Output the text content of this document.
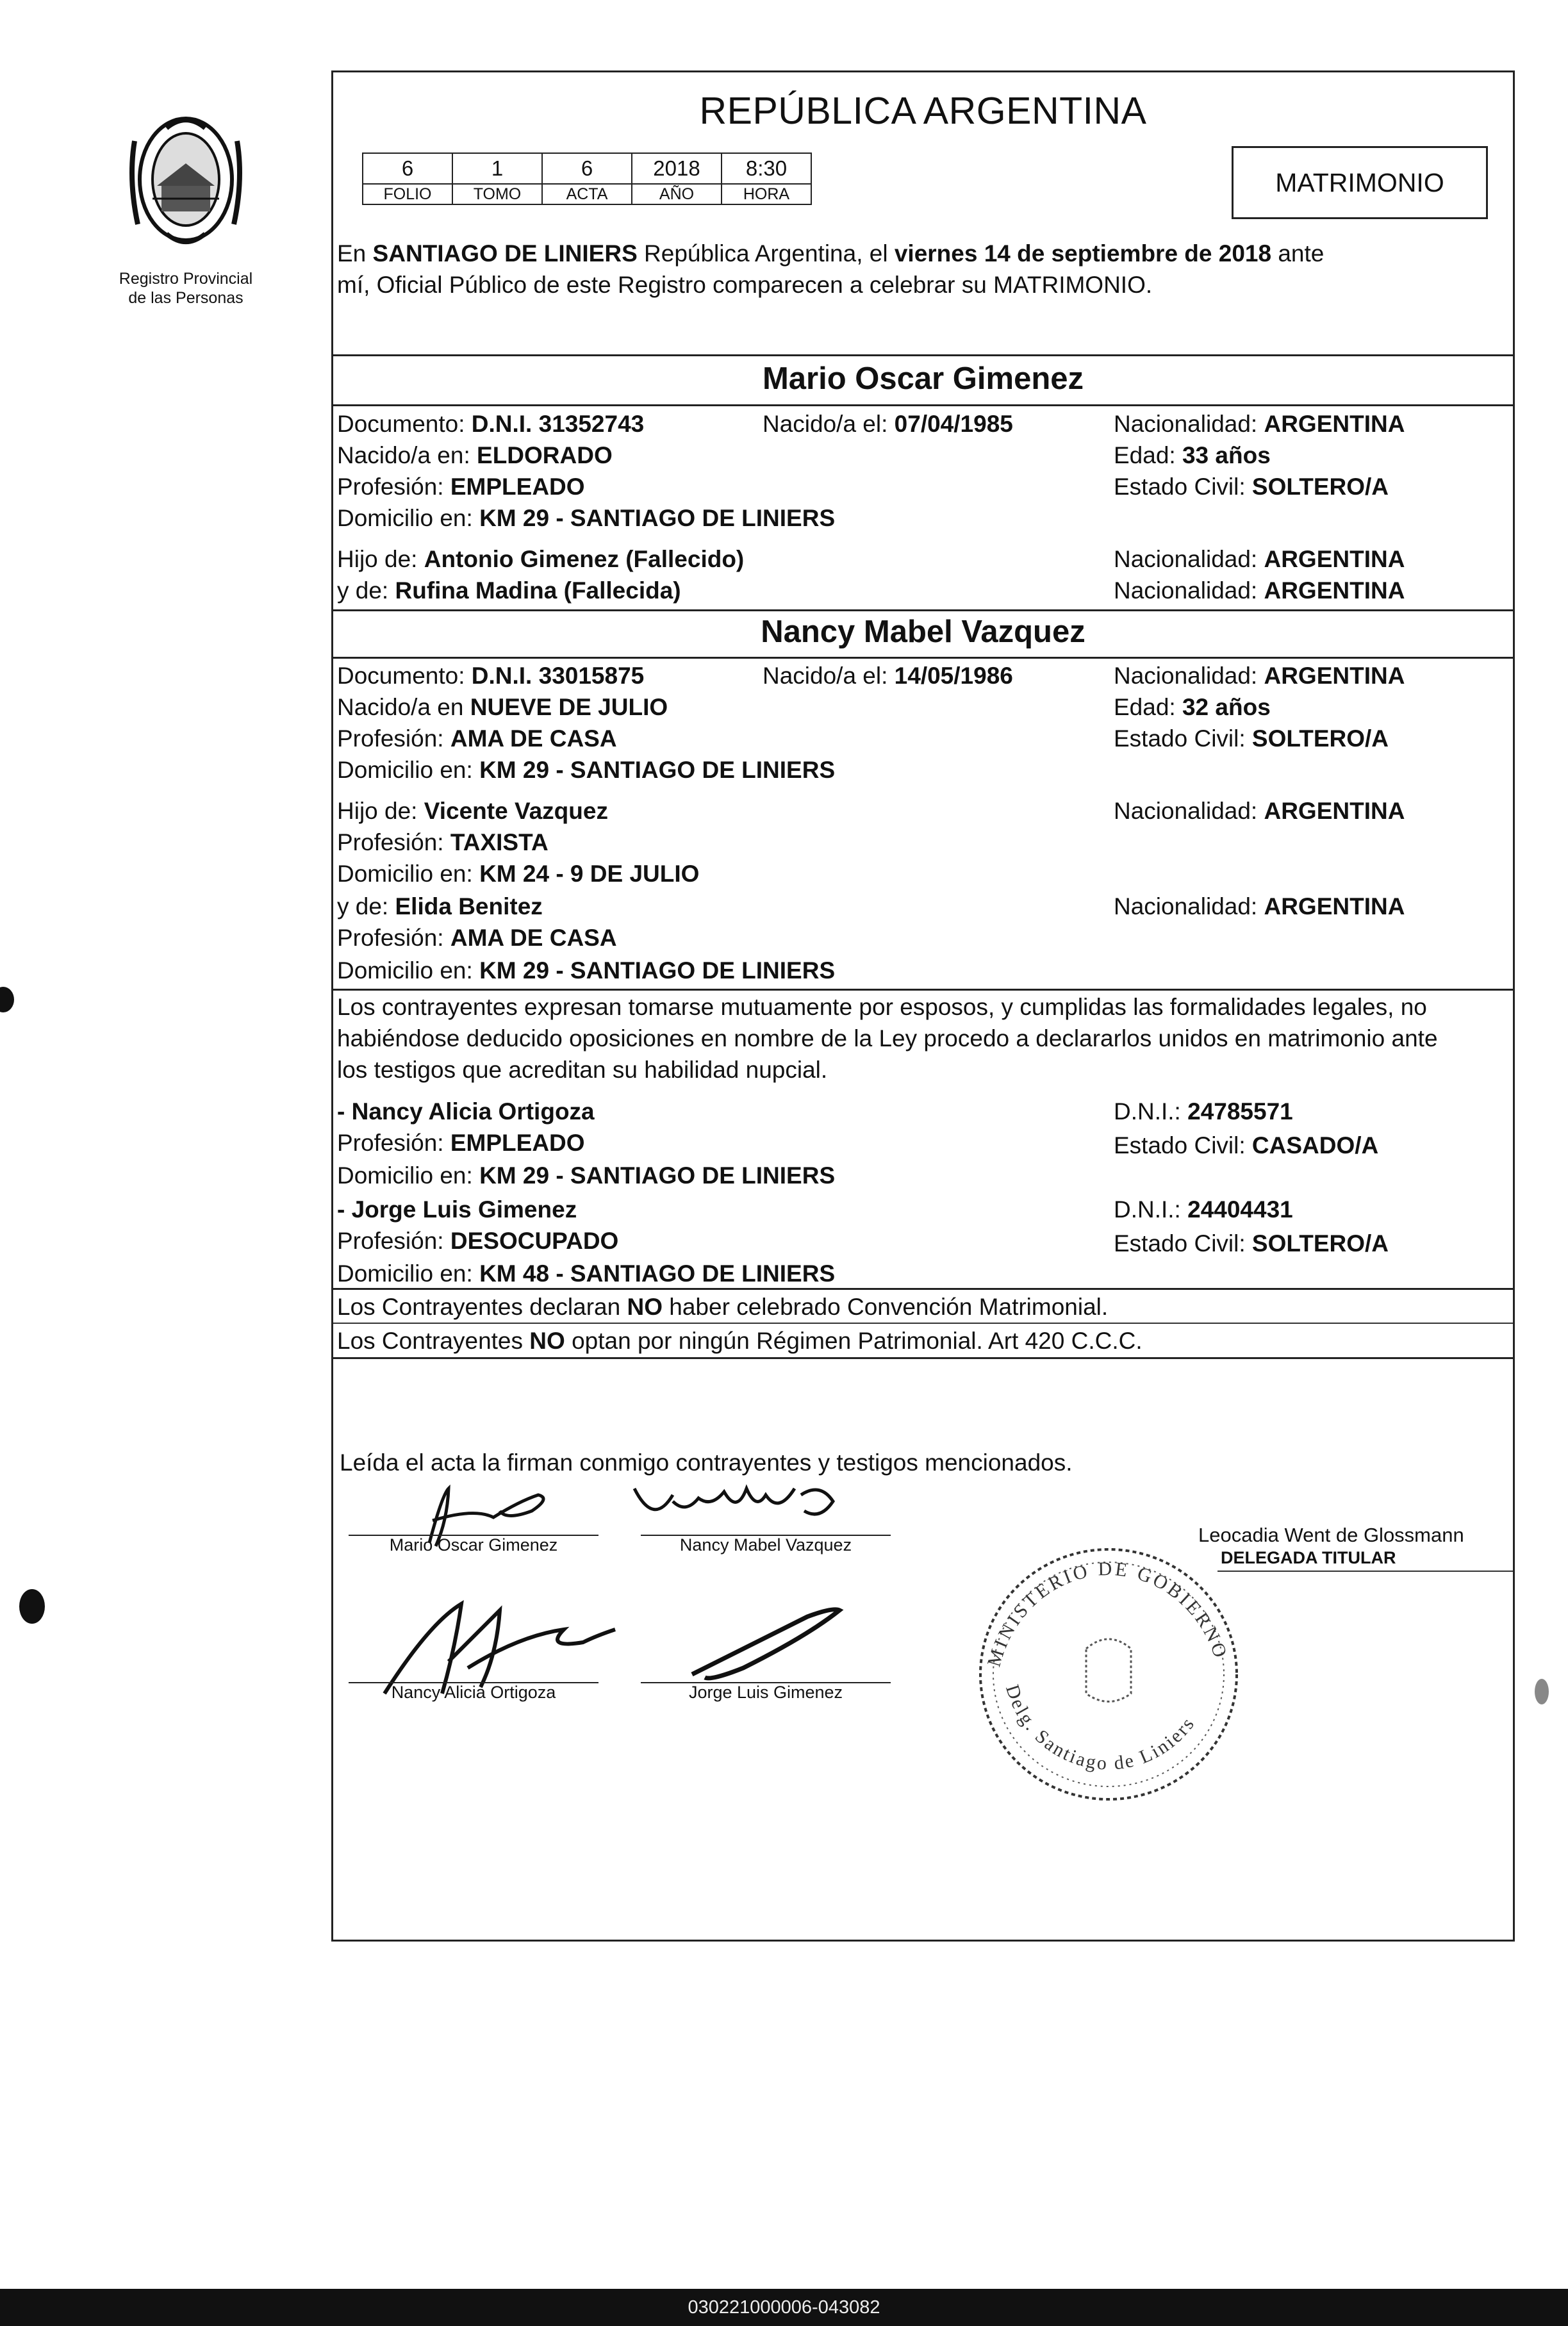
Registro Provincial
de las Personas
REPÚBLICA ARGENTINA
6	1	6	2018	8:30
FOLIO	TOMO	ACTA	AÑO	HORA	MATRIMONIO
En SANTIAGO DE LINIERS República Argentina, el viernes 14 de septiembre de 2018 ante
mí, Oficial Público de este Registro comparecen a celebrar su MATRIMONIO.
Mario Oscar Gimenez
Documento: D.N.I. 31352743	Nacido/a el: 07/04/1985	Nacionalidad: ARGENTINA
Nacido/a en: ELDORADO	Edad: 33 años
Profesión: EMPLEADO	Estado Civil: SOLTERO/A
Domicilio en: KM 29 - SANTIAGO DE LINIERS
Hijo de: Antonio Gimenez (Fallecido)	Nacionalidad: ARGENTINA
y de: Rufina Madina (Fallecida)	Nacionalidad: ARGENTINA
Nancy Mabel Vazquez
Documento: D.N.I. 33015875	Nacido/a el: 14/05/1986	Nacionalidad: ARGENTINA
Nacido/a en NUEVE DE JULIO	Edad: 32 años
Profesión: AMA DE CASA	Estado Civil: SOLTERO/A
Domicilio en: KM 29 - SANTIAGO DE LINIERS
Hijo de: Vicente Vazquez	Nacionalidad: ARGENTINA
Profesión: TAXISTA
Domicilio en: KM 24 - 9 DE JULIO
y de: Elida Benitez	Nacionalidad: ARGENTINA
Profesión: AMA DE CASA
Domicilio en: KM 29 - SANTIAGO DE LINIERS
Los contrayentes expresan tomarse mutuamente por esposos, y cumplidas las formalidades legales, no
habiéndose deducido oposiciones en nombre de la Ley procedo a declararlos unidos en matrimonio ante
los testigos que acreditan su habilidad nupcial.
- Nancy Alicia Ortigoza	D.N.I.: 24785571
Profesión: EMPLEADO	Estado Civil: CASADO/A
Domicilio en: KM 29 - SANTIAGO DE LINIERS
- Jorge Luis Gimenez	D.N.I.: 24404431
Profesión: DESOCUPADO	Estado Civil: SOLTERO/A
Domicilio en: KM 48 - SANTIAGO DE LINIERS
Los Contrayentes declaran NO haber celebrado Convención Matrimonial.
Los Contrayentes NO optan por ningún Régimen Patrimonial. Art 420 C.C.C.
Leída el acta la firman conmigo contrayentes y testigos mencionados.
Mario Oscar Gimenez	Nancy Mabel Vazquez
Nancy Alicia Ortigoza	Jorge Luis Gimenez
Leocadia Went de Glossmann
DELEGADA TITULAR
MINISTERIO DE GOBIERNO
Delg. Santiago de Liniers
030221000006-043082
